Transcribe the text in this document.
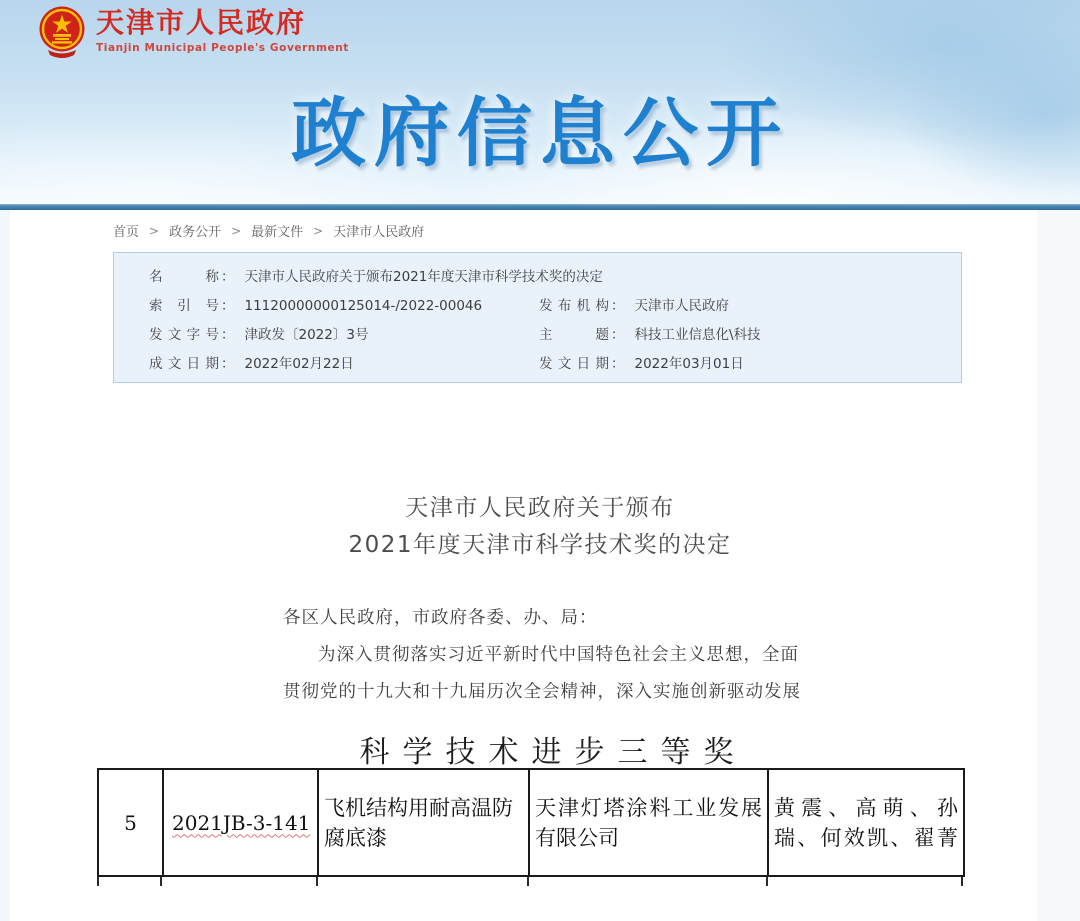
天津市人民政府
Tianjin Municipal People's Government
政府信息公开
首页 > 政务公开 > 最新文件 > 天津市人民政府
名称 ： 天津市人民政府关于颁布2021年度天津市科学技术奖的决定
索引号 ： 11120000000125014-/2022-00046	发布机构 ： 天津市人民政府
发文字号 ： 津政发〔2022〕3号	主题 ： 科技工业信息化\科技
成文日期 ： 2022年02月22日	发文日期 ： 2022年03月01日
天津市人民政府关于颁布
2021年度天津市科学技术奖的决定
各区人民政府，市政府各委、办、局：
为深入贯彻落实习近平新时代中国特色社会主义思想，全面
贯彻党的十九大和十九届历次全会精神，深入实施创新驱动发展
科学技术进步三等奖
5	2021JB-3-141	飞机结构用耐高温防腐底漆	天津灯塔涂料工业发展有限公司	黄震、高萌、孙瑞、何效凯、翟菁
